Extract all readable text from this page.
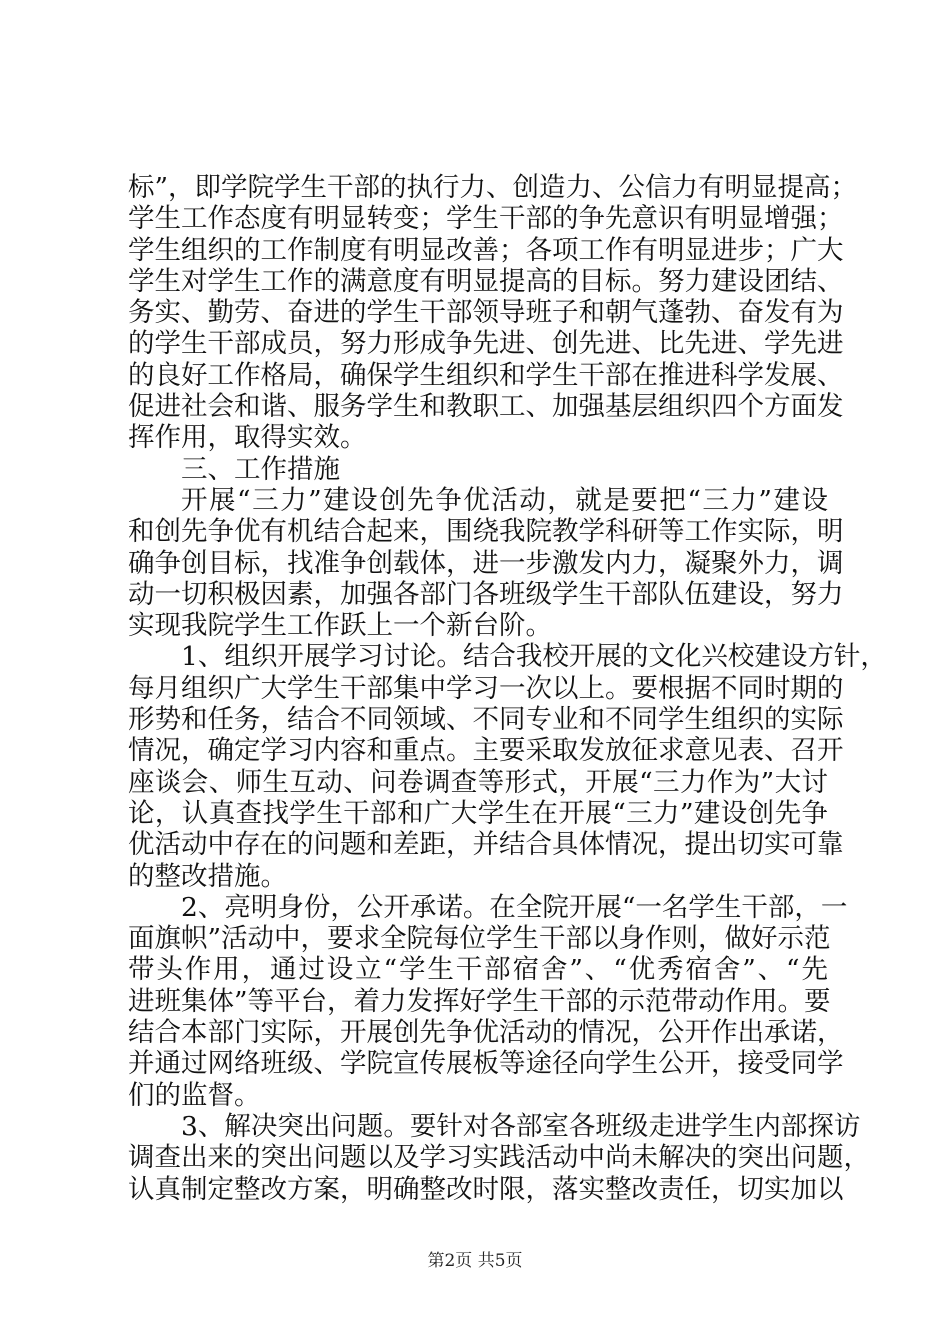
标”，即学院学生干部的执行力、创造力、公信力有明显提高；
学生工作态度有明显转变；学生干部的争先意识有明显增强；
学生组织的工作制度有明显改善；各项工作有明显进步；广大
学生对学生工作的满意度有明显提高的目标。努力建设团结、
务实、勤劳、奋进的学生干部领导班子和朝气蓬勃、奋发有为
的学生干部成员，努力形成争先进、创先进、比先进、学先进
的良好工作格局，确保学生组织和学生干部在推进科学发展、
促进社会和谐、服务学生和教职工、加强基层组织四个方面发
挥作用，取得实效。
三、工作措施
开展“三力”建设创先争优活动，就是要把“三力”建设
和创先争优有机结合起来，围绕我院教学科研等工作实际，明
确争创目标，找准争创载体，进一步激发内力，凝聚外力，调
动一切积极因素，加强各部门各班级学生干部队伍建设，努力
实现我院学生工作跃上一个新台阶。
1、组织开展学习讨论。结合我校开展的文化兴校建设方针，
每月组织广大学生干部集中学习一次以上。要根据不同时期的
形势和任务，结合不同领域、不同专业和不同学生组织的实际
情况，确定学习内容和重点。主要采取发放征求意见表、召开
座谈会、师生互动、问卷调查等形式，开展“三力作为”大讨
论，认真查找学生干部和广大学生在开展“三力”建设创先争
优活动中存在的问题和差距，并结合具体情况，提出切实可靠
的整改措施。
2、亮明身份，公开承诺。在全院开展“一名学生干部，一
面旗帜”活动中，要求全院每位学生干部以身作则，做好示范
带头作用，通过设立“学生干部宿舍”、“优秀宿舍”、“先
进班集体”等平台，着力发挥好学生干部的示范带动作用。要
结合本部门实际，开展创先争优活动的情况，公开作出承诺，
并通过网络班级、学院宣传展板等途径向学生公开，接受同学
们的监督。
3、解决突出问题。要针对各部室各班级走进学生内部探访
调查出来的突出问题以及学习实践活动中尚未解决的突出问题，
认真制定整改方案，明确整改时限，落实整改责任，切实加以
第2页 共5页
